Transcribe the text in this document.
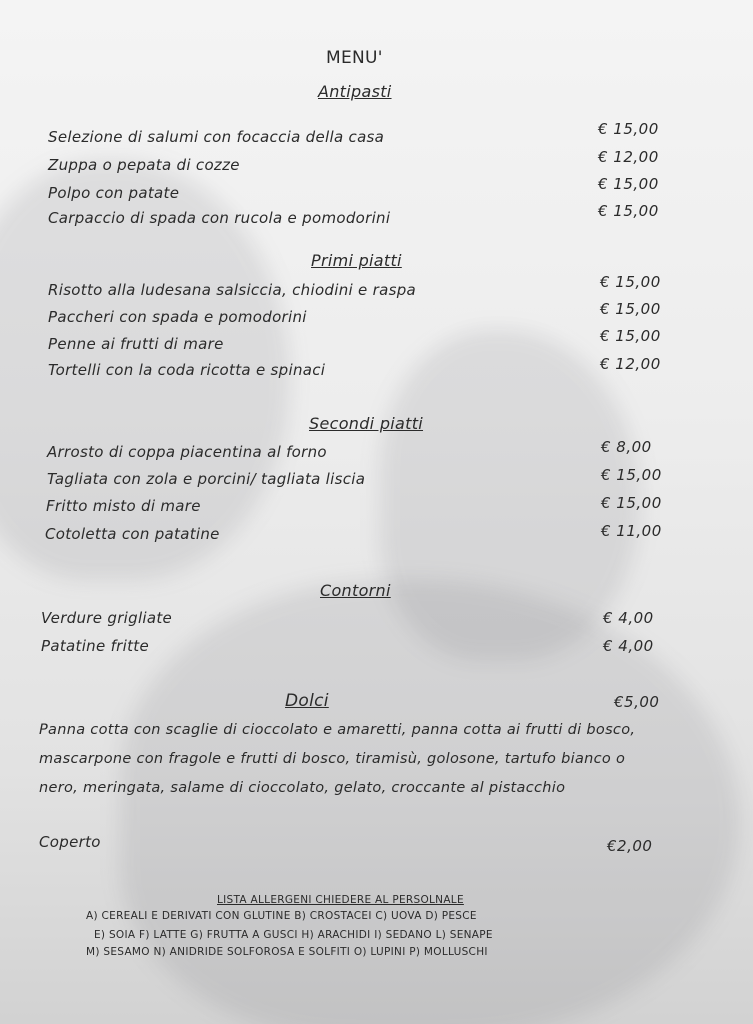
MENU'
Antipasti
Selezione di salumi con focaccia della casa	€ 15,00
Zuppa o pepata di cozze	€ 12,00
Polpo con patate	€ 15,00
Carpaccio di spada con rucola e pomodorini	€ 15,00
Primi piatti
Risotto alla ludesana salsiccia, chiodini e raspa	€ 15,00
Paccheri con spada e pomodorini	€ 15,00
Penne ai frutti di mare	€ 15,00
Tortelli con la coda ricotta e spinaci	€ 12,00
Secondi piatti
Arrosto di coppa piacentina al forno	€ 8,00
Tagliata con zola e porcini/ tagliata liscia	€ 15,00
Fritto misto di mare	€ 15,00
Cotoletta con patatine	€ 11,00
Contorni
Verdure grigliate	€ 4,00
Patatine fritte	€ 4,00
Dolci	€5,00
Panna cotta con scaglie di cioccolato e amaretti, panna cotta ai frutti di bosco,
mascarpone con fragole e frutti di bosco, tiramisù, golosone, tartufo bianco o
nero, meringata, salame di cioccolato, gelato, croccante al pistacchio
Coperto	€2,00
LISTA ALLERGENI CHIEDERE AL PERSOLNALE
A) CEREALI E DERIVATI CON GLUTINE B) CROSTACEI C) UOVA D) PESCE
E) SOIA F) LATTE G) FRUTTA A GUSCI H) ARACHIDI I) SEDANO L) SENAPE
M) SESAMO N) ANIDRIDE SOLFOROSA E SOLFITI O) LUPINI P) MOLLUSCHI
